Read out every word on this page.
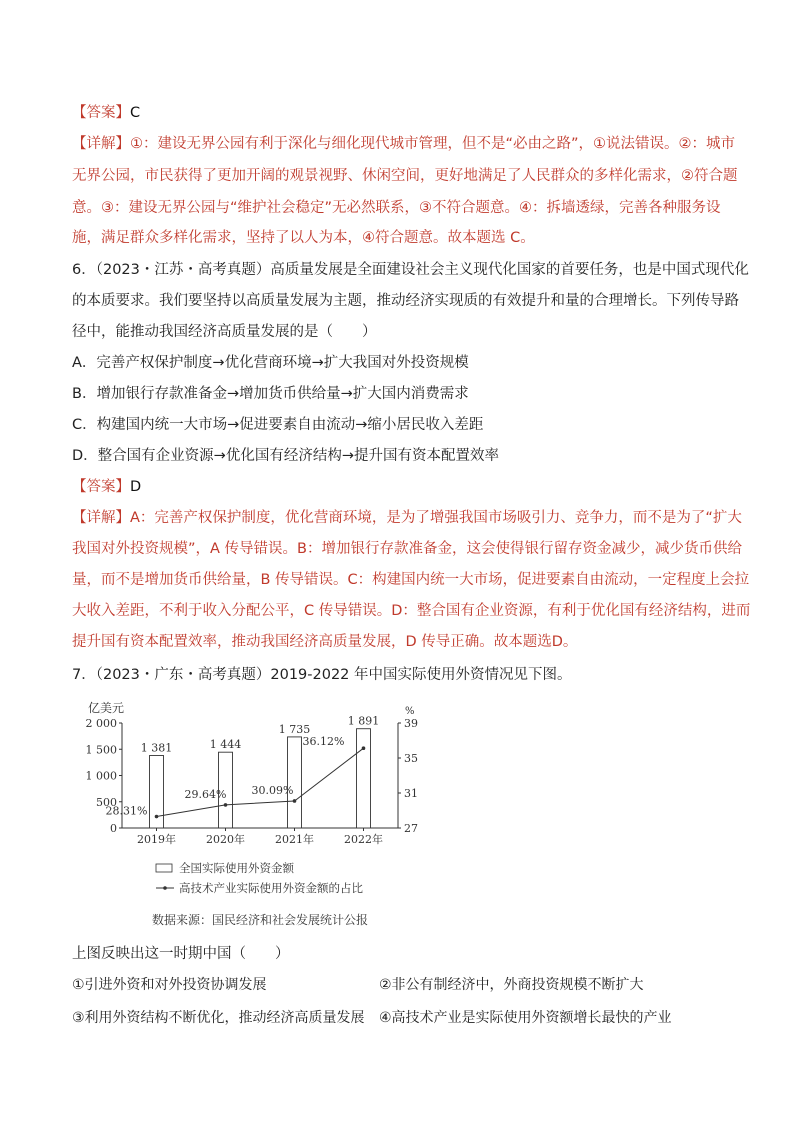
【答案】C
【详解】①：建设无界公园有利于深化与细化现代城市管理，但不是“必由之路”，①说法错误。②：城市
无界公园，市民获得了更加开阔的观景视野、休闲空间，更好地满足了人民群众的多样化需求，②符合题
意。③：建设无界公园与“维护社会稳定”无必然联系，③不符合题意。④：拆墙透绿，完善各种服务设
施，满足群众多样化需求，坚持了以人为本，④符合题意。故本题选 C。
6．（2023・江苏・高考真题）高质量发展是全面建设社会主义现代化国家的首要任务，也是中国式现代化
的本质要求。我们要坚持以高质量发展为主题，推动经济实现质的有效提升和量的合理增长。下列传导路
径中，能推动我国经济高质量发展的是（　　）
A．完善产权保护制度→优化营商环境→扩大我国对外投资规模
B．增加银行存款准备金→增加货币供给量→扩大国内消费需求
C．构建国内统一大市场→促进要素自由流动→缩小居民收入差距
D．整合国有企业资源→优化国有经济结构→提升国有资本配置效率
【答案】D
【详解】A：完善产权保护制度，优化营商环境，是为了增强我国市场吸引力、竞争力，而不是为了“扩大
我国对外投资规模”，A 传导错误。B：增加银行存款准备金，这会使得银行留存资金减少，减少货币供给
量，而不是增加货币供给量，B 传导错误。C：构建国内统一大市场，促进要素自由流动，一定程度上会拉
大收入差距，不利于收入分配公平，C 传导错误。D：整合国有企业资源，有利于优化国有经济结构，进而
提升国有资本配置效率，推动我国经济高质量发展，D 传导正确。故本题选D。
7．（2023・广东・高考真题）2019-2022 年中国实际使用外资情况见下图。
亿美元	%
0
500
1 000
1 500
2 000
27
31
35
39
1 381	1 444
1 735
1 891
2019年	2020年	2021年	2022年
28.31%
29.64% 30.09%
36.12%
全国实际使用外资金额
高技术产业实际使用外资金额的占比
数据来源：国民经济和社会发展统计公报
上图反映出这一时期中国（　　）
①引进外资和对外投资协调发展	②非公有制经济中，外商投资规模不断扩大
③利用外资结构不断优化，推动经济高质量发展 ④高技术产业是实际使用外资额增长最快的产业
